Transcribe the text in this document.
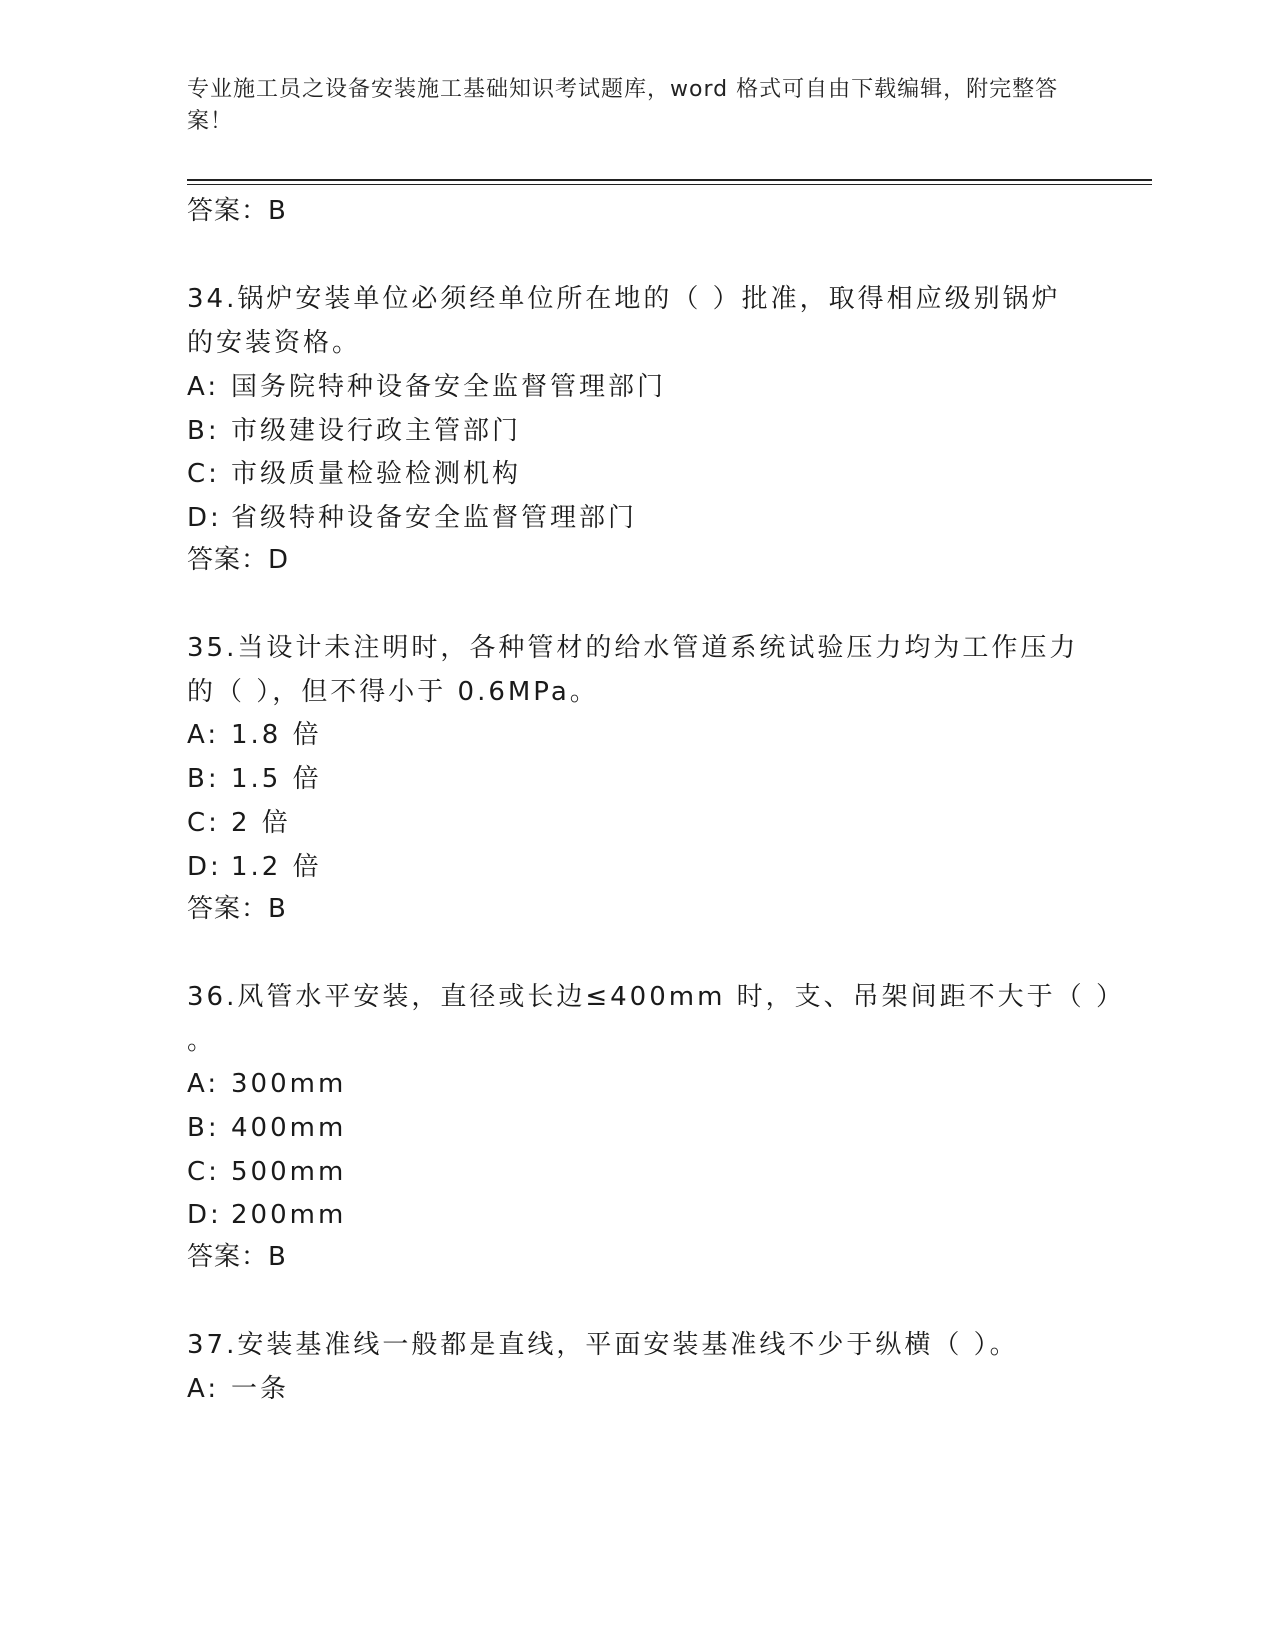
专业施工员之设备安装施工基础知识考试题库，word 格式可自由下载编辑，附完整答案！
答案：B
34.锅炉安装单位必须经单位所在地的（ ）批准，取得相应级别锅炉
的安装资格。
A: 国务院特种设备安全监督管理部门
B: 市级建设行政主管部门
C: 市级质量检验检测机构
D: 省级特种设备安全监督管理部门
答案：D
35.当设计未注明时，各种管材的给水管道系统试验压力均为工作压力
的（ ），但不得小于 0.6MPa。
A: 1.8 倍
B: 1.5 倍
C: 2 倍
D: 1.2 倍
答案：B
36.风管水平安装，直径或长边≤400mm 时，支、吊架间距不大于（ ）
。
A: 300mm
B: 400mm
C: 500mm
D: 200mm
答案：B
37.安装基准线一般都是直线，平面安装基准线不少于纵横（ ）。
A: 一条
